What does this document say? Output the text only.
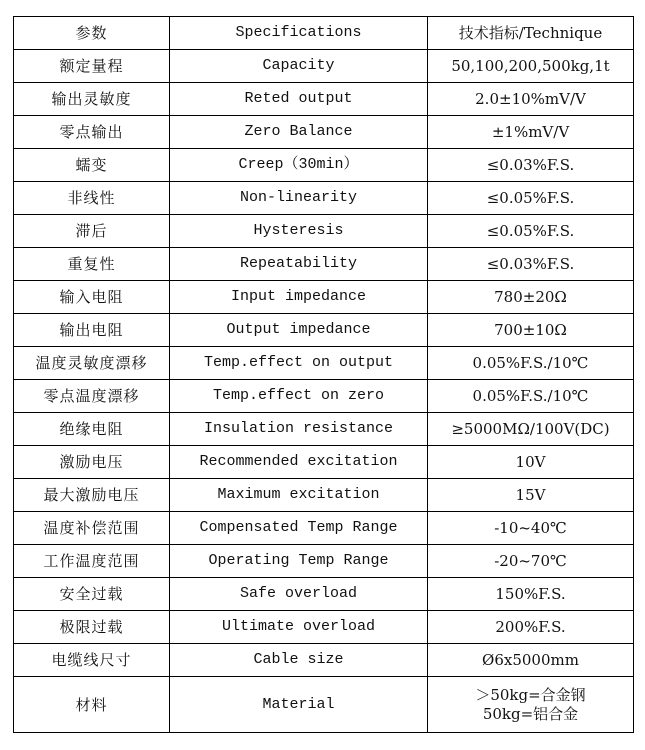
参数	Specifications	技术指标/Technique
额定量程	Capacity	50,100,200,500kg,1t
输出灵敏度	Reted output	2.0±10%mV/V
零点输出	Zero Balance	±1%mV/V
蠕变	Creep（30min）	≤0.03%F.S.
非线性	Non-linearity	≤0.05%F.S.
滞后	Hysteresis	≤0.05%F.S.
重复性	Repeatability	≤0.03%F.S.
输入电阻	Input impedance	780±20Ω
输出电阻	Output impedance	700±10Ω
温度灵敏度漂移	Temp.effect on output	0.05%F.S./10℃
零点温度漂移	Temp.effect on zero	0.05%F.S./10℃
绝缘电阻	Insulation resistance	≥5000MΩ/100V(DC)
激励电压	Recommended excitation	10V
最大激励电压	Maximum excitation	15V
温度补偿范围	Compensated Temp Range	-10~40℃
工作温度范围	Operating Temp Range	-20~70℃
安全过载	Safe overload	150%F.S.
极限过载	Ultimate overload	200%F.S.
电缆线尺寸	Cable size	Ø6x5000mm
材料	Material	＞50kg=合金钢
50kg=铝合金
